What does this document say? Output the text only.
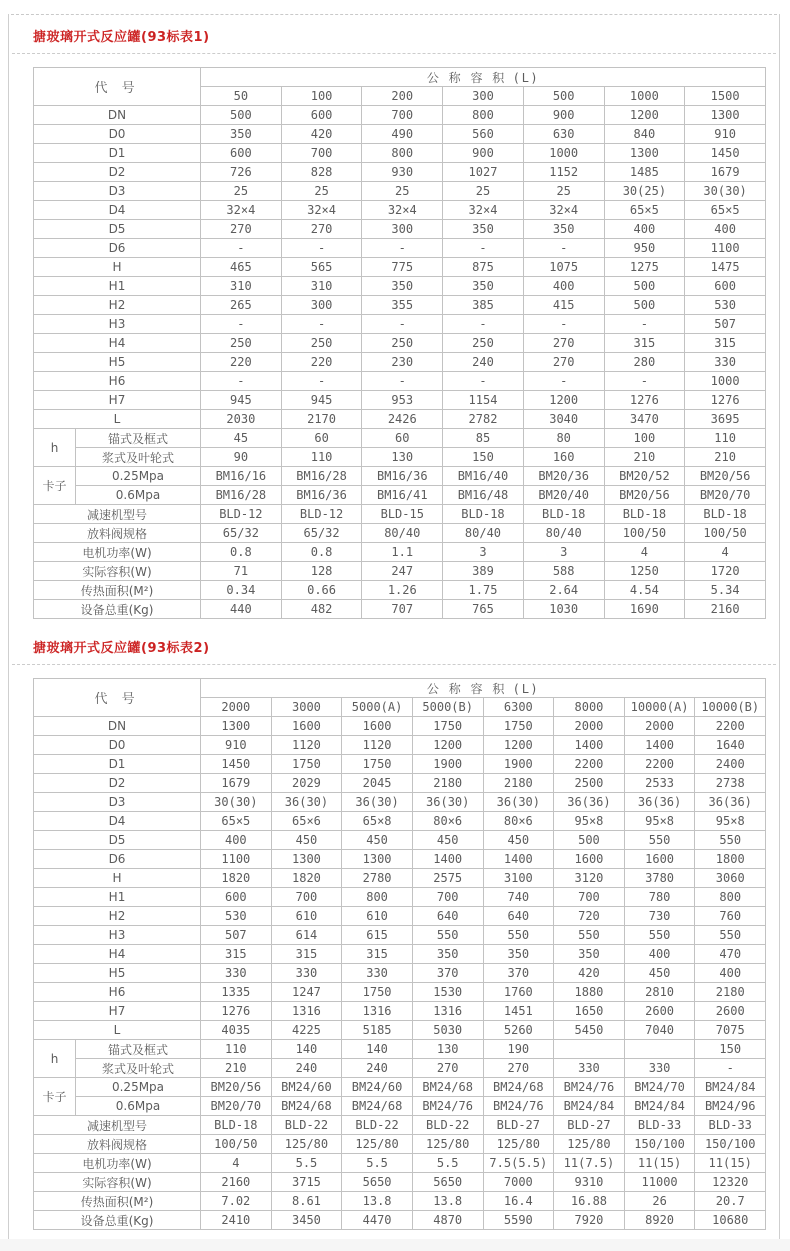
搪玻璃开式反应罐(93标表1)
代 号		公 称 容 积 (L)						
		50	100	200	300	500	1000	1500
DN		500	600	700	800	900	1200	1300
D0		350	420	490	560	630	840	910
D1		600	700	800	900	1000	1300	1450
D2		726	828	930	1027	1152	1485	1679
D3		25	25	25	25	25	30(25)	30(30)
D4		32×4	32×4	32×4	32×4	32×4	65×5	65×5
D5		270	270	300	350	350	400	400
D6		-	-	-	-	-	950	1100
H		465	565	775	875	1075	1275	1475
H1		310	310	350	350	400	500	600
H2		265	300	355	385	415	500	530
H3		-	-	-	-	-	-	507
H4		250	250	250	250	270	315	315
H5		220	220	230	240	270	280	330
H6		-	-	-	-	-	-	1000
H7		945	945	953	1154	1200	1276	1276
L		2030	2170	2426	2782	3040	3470	3695
h	锚式及框式	45	60	60	85	80	100	110
	浆式及叶轮式	90	110	130	150	160	210	210
卡子	0.25Mpa	BM16/16	BM16/28	BM16/36	BM16/40	BM20/36	BM20/52	BM20/56
	0.6Mpa	BM16/28	BM16/36	BM16/41	BM16/48	BM20/40	BM20/56	BM20/70
减速机型号		BLD-12	BLD-12	BLD-15	BLD-18	BLD-18	BLD-18	BLD-18
放料阀规格		65/32	65/32	80/40	80/40	80/40	100/50	100/50
电机功率(W)		0.8	0.8	1.1	3	3	4	4
实际容积(W)		71	128	247	389	588	1250	1720
传热面积(M²)		0.34	0.66	1.26	1.75	2.64	4.54	5.34
设备总重(Kg)		440	482	707	765	1030	1690	2160
搪玻璃开式反应罐(93标表2)
代 号		公 称 容 积 (L)							
		2000	3000	5000(A)	5000(B)	6300	8000	10000(A)	10000(B)
DN		1300	1600	1600	1750	1750	2000	2000	2200
D0		910	1120	1120	1200	1200	1400	1400	1640
D1		1450	1750	1750	1900	1900	2200	2200	2400
D2		1679	2029	2045	2180	2180	2500	2533	2738
D3		30(30)	36(30)	36(30)	36(30)	36(30)	36(36)	36(36)	36(36)
D4		65×5	65×6	65×8	80×6	80×6	95×8	95×8	95×8
D5		400	450	450	450	450	500	550	550
D6		1100	1300	1300	1400	1400	1600	1600	1800
H		1820	1820	2780	2575	3100	3120	3780	3060
H1		600	700	800	700	740	700	780	800
H2		530	610	610	640	640	720	730	760
H3		507	614	615	550	550	550	550	550
H4		315	315	315	350	350	350	400	470
H5		330	330	330	370	370	420	450	400
H6		1335	1247	1750	1530	1760	1880	2810	2180
H7		1276	1316	1316	1316	1451	1650	2600	2600
L		4035	4225	5185	5030	5260	5450	7040	7075
h	锚式及框式	110	140	140	130	190			150
	浆式及叶轮式	210	240	240	270	270	330	330	-
卡子	0.25Mpa	BM20/56	BM24/60	BM24/60	BM24/68	BM24/68	BM24/76	BM24/70	BM24/84
	0.6Mpa	BM20/70	BM24/68	BM24/68	BM24/76	BM24/76	BM24/84	BM24/84	BM24/96
减速机型号		BLD-18	BLD-22	BLD-22	BLD-22	BLD-27	BLD-27	BLD-33	BLD-33
放料阀规格		100/50	125/80	125/80	125/80	125/80	125/80	150/100	150/100
电机功率(W)		4	5.5	5.5	5.5	7.5(5.5)	11(7.5)	11(15)	11(15)
实际容积(W)		2160	3715	5650	5650	7000	9310	11000	12320
传热面积(M²)		7.02	8.61	13.8	13.8	16.4	16.88	26	20.7
设备总重(Kg)		2410	3450	4470	4870	5590	7920	8920	10680
